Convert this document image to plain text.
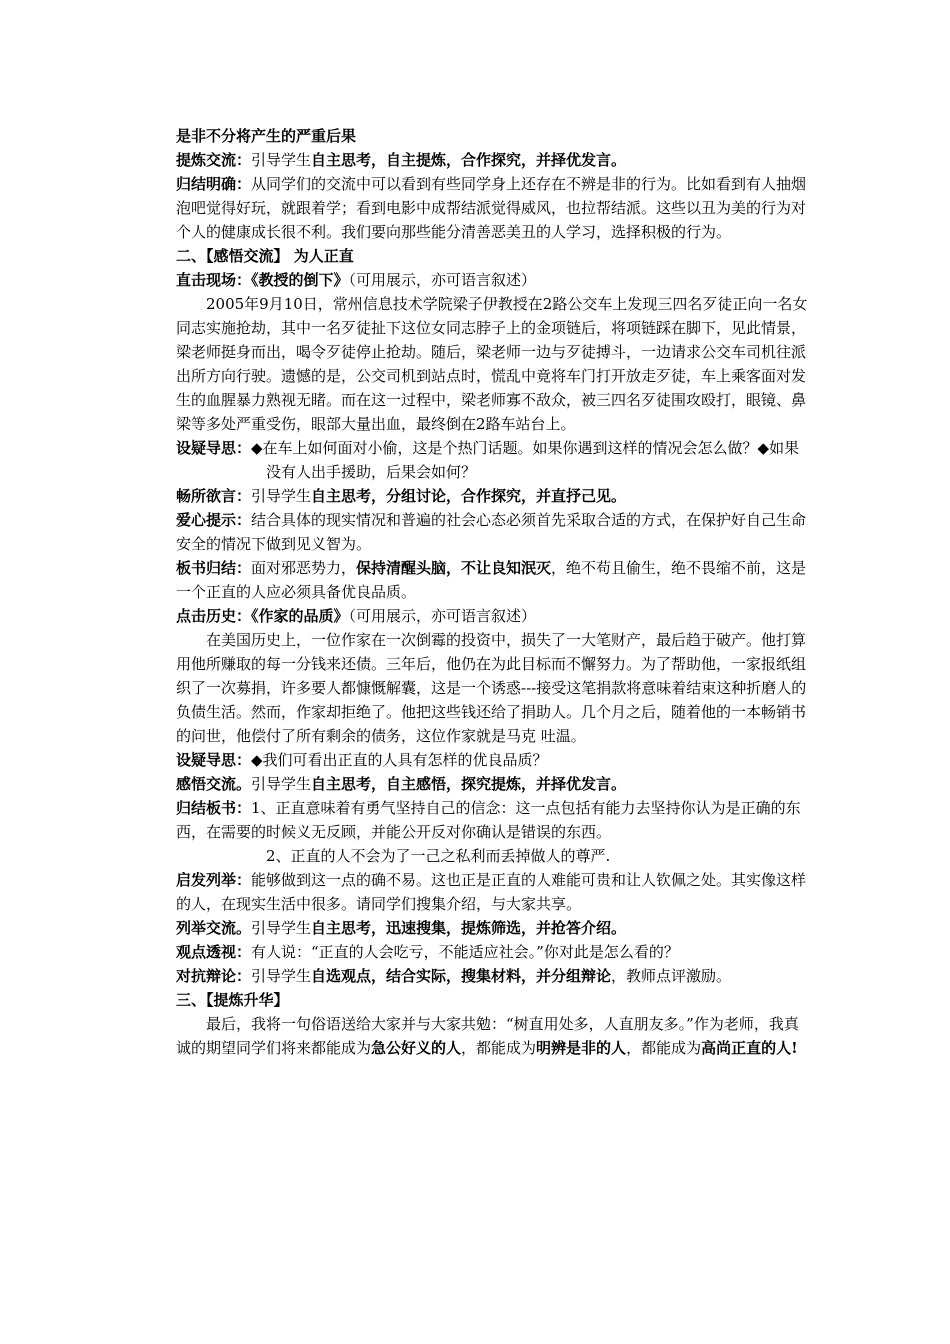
是非不分将产生的严重后果

提炼交流：引导学生自主思考，自主提炼，合作探究，并择优发言。

归结明确：从同学们的交流中可以看到有些同学身上还存在不辨是非的行为。比如看到有人抽烟泡吧觉得好玩，就跟着学；看到电影中成帮结派觉得威风，也拉帮结派。这些以丑为美的行为对个人的健康成长很不利。我们要向那些能分清善恶美丑的人学习，选择积极的行为。

二、【感悟交流】 为人正直

直击现场：《教授的倒下》（可用展示，亦可语言叙述）

2005年9月10日，常州信息技术学院梁子伊教授在2路公交车上发现三四名歹徒正向一名女同志实施抢劫，其中一名歹徒扯下这位女同志脖子上的金项链后，将项链踩在脚下，见此情景，梁老师挺身而出，喝令歹徒停止抢劫。随后，梁老师一边与歹徒搏斗，一边请求公交车司机往派出所方向行驶。遗憾的是，公交司机到站点时，慌乱中竟将车门打开放走歹徒，车上乘客面对发生的血腥暴力熟视无睹。而在这一过程中，梁老师寡不敌众，被三四名歹徒围攻殴打，眼镜、鼻梁等多处严重受伤，眼部大量出血，最终倒在2路车站台上。

设疑导思：◆在车上如何面对小偷，这是个热门话题。如果你遇到这样的情况会怎么做？◆如果没有人出手援助，后果会如何？

畅所欲言：引导学生自主思考，分组讨论，合作探究，并直抒己见。

爱心提示：结合具体的现实情况和普遍的社会心态必须首先采取合适的方式，在保护好自己生命安全的情况下做到见义智为。

板书归结：面对邪恶势力，保持清醒头脑，不让良知泯灭，绝不苟且偷生，绝不畏缩不前，这是一个正直的人应必须具备优良品质。

点击历史：《作家的品质》（可用展示，亦可语言叙述）

在美国历史上，一位作家在一次倒霉的投资中，损失了一大笔财产，最后趋于破产。他打算用他所赚取的每一分钱来还债。三年后，他仍在为此目标而不懈努力。为了帮助他，一家报纸组织了一次募捐，许多要人都慷慨解囊，这是一个诱惑---接受这笔捐款将意味着结束这种折磨人的负债生活。然而，作家却拒绝了。他把这些钱还给了捐助人。几个月之后，随着他的一本畅销书的问世，他偿付了所有剩余的债务，这位作家就是马克 吐温。

设疑导思：◆我们可看出正直的人具有怎样的优良品质？

感悟交流。引导学生自主思考，自主感悟，探究提炼，并择优发言。

归结板书：1、正直意味着有勇气坚持自己的信念：这一点包括有能力去坚持你认为是正确的东西，在需要的时候义无反顾，并能公开反对你确认是错误的东西。

2、正直的人不会为了一己之私利而丢掉做人的尊严.

启发列举：能够做到这一点的确不易。这也正是正直的人难能可贵和让人钦佩之处。其实像这样的人，在现实生活中很多。请同学们搜集介绍，与大家共享。

列举交流。引导学生自主思考，迅速搜集，提炼筛选，并抢答介绍。

观点透视：有人说：“正直的人会吃亏，不能适应社会。”你对此是怎么看的？

对抗辩论：引导学生自选观点，结合实际，搜集材料，并分组辩论，教师点评激励。

三、【提炼升华】

最后，我将一句俗语送给大家并与大家共勉：“树直用处多，人直朋友多。”作为老师，我真诚的期望同学们将来都能成为急公好义的人，都能成为明辨是非的人，都能成为高尚正直的人!
